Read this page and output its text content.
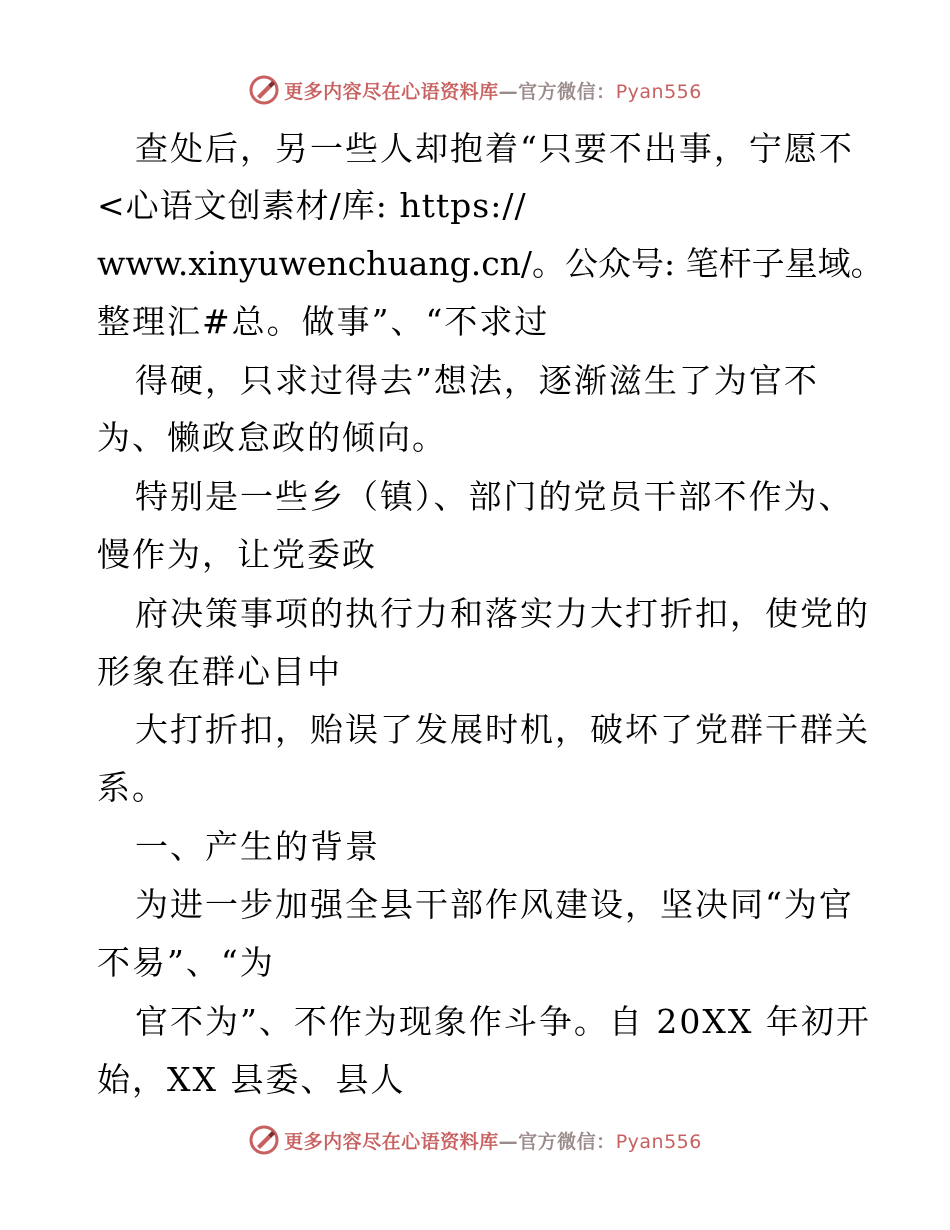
更多内容尽在心语资料库—官方微信：Pyan556
查处后，另一些人却抱着“只要不出事，宁愿不
<心语文创素材/库: https://
www.xinyuwenchuang.cn/。公众号: 笔杆子星域。
整理汇#总。做事”、“不求过
得硬，只求过得去”想法，逐渐滋生了为官不
为、懒政怠政的倾向。
特别是一些乡（镇）、部门的党员干部不作为、
慢作为，让党委政
府决策事项的执行力和落实力大打折扣，使党的
形象在群心目中
大打折扣，贻误了发展时机，破坏了党群干群关
系。
一、产生的背景
为进一步加强全县干部作风建设，坚决同“为官
不易”、“为
官不为”、不作为现象作斗争。自 20XX 年初开
始，XX 县委、县人
更多内容尽在心语资料库—官方微信：Pyan556
